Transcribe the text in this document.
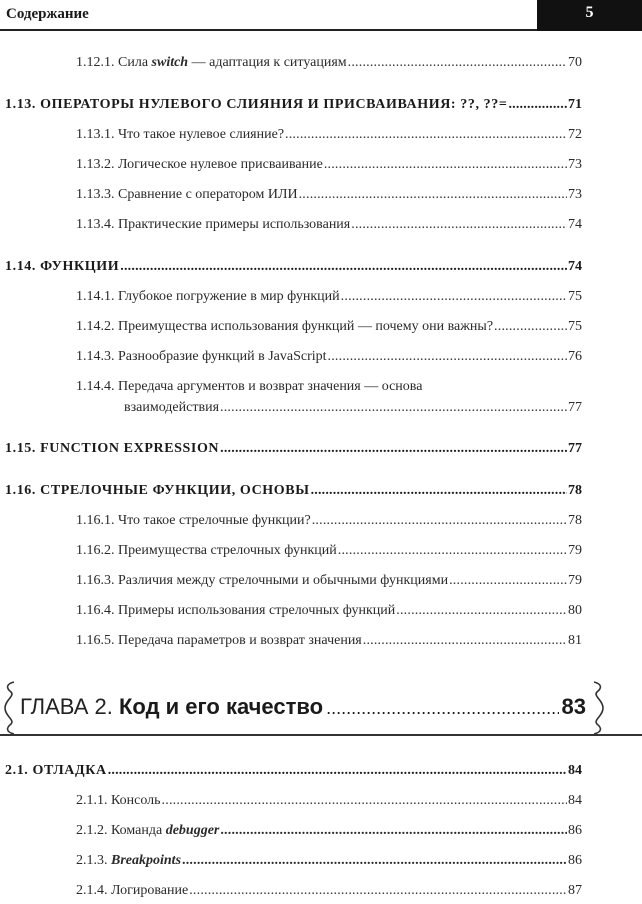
Содержание	5
1.12.1. Сила switch — адаптация к ситуациям .....	70
1.13. ОПЕРАТОРЫ НУЛЕВОГО СЛИЯНИЯ И ПРИСВАИВАНИЯ: ??, ??= .....	71
1.13.1. Что такое нулевое слияние? .....	72
1.13.2. Логическое нулевое присваивание .....	73
1.13.3. Сравнение с оператором ИЛИ .....	73
1.13.4. Практические примеры использования .....	74
1.14. ФУНКЦИИ .....	74
1.14.1. Глубокое погружение в мир функций .....	75
1.14.2. Преимущества использования функций — почему они важны? .....	75
1.14.3. Разнообразие функций в JavaScript .....	76
1.14.4. Передача аргументов и возврат значения — основа
взаимодействия .....	77
1.15. FUNCTION EXPRESSION .....	77
1.16. СТРЕЛОЧНЫЕ ФУНКЦИИ, ОСНОВЫ .....	78
1.16.1. Что такое стрелочные функции? .....	78
1.16.2. Преимущества стрелочных функций .....	79
1.16.3. Различия между стрелочными и обычными функциями .....	79
1.16.4. Примеры использования стрелочных функций .....	80
1.16.5. Передача параметров и возврат значения .....	81
ГЛАВА 2.
Код и его качество .....	83
2.1. ОТЛАДКА .....	84
2.1.1. Консоль .....	84
2.1.2. Команда debugger .....	86
2.1.3. Breakpoints .....	86
2.1.4. Логирование .....	87
